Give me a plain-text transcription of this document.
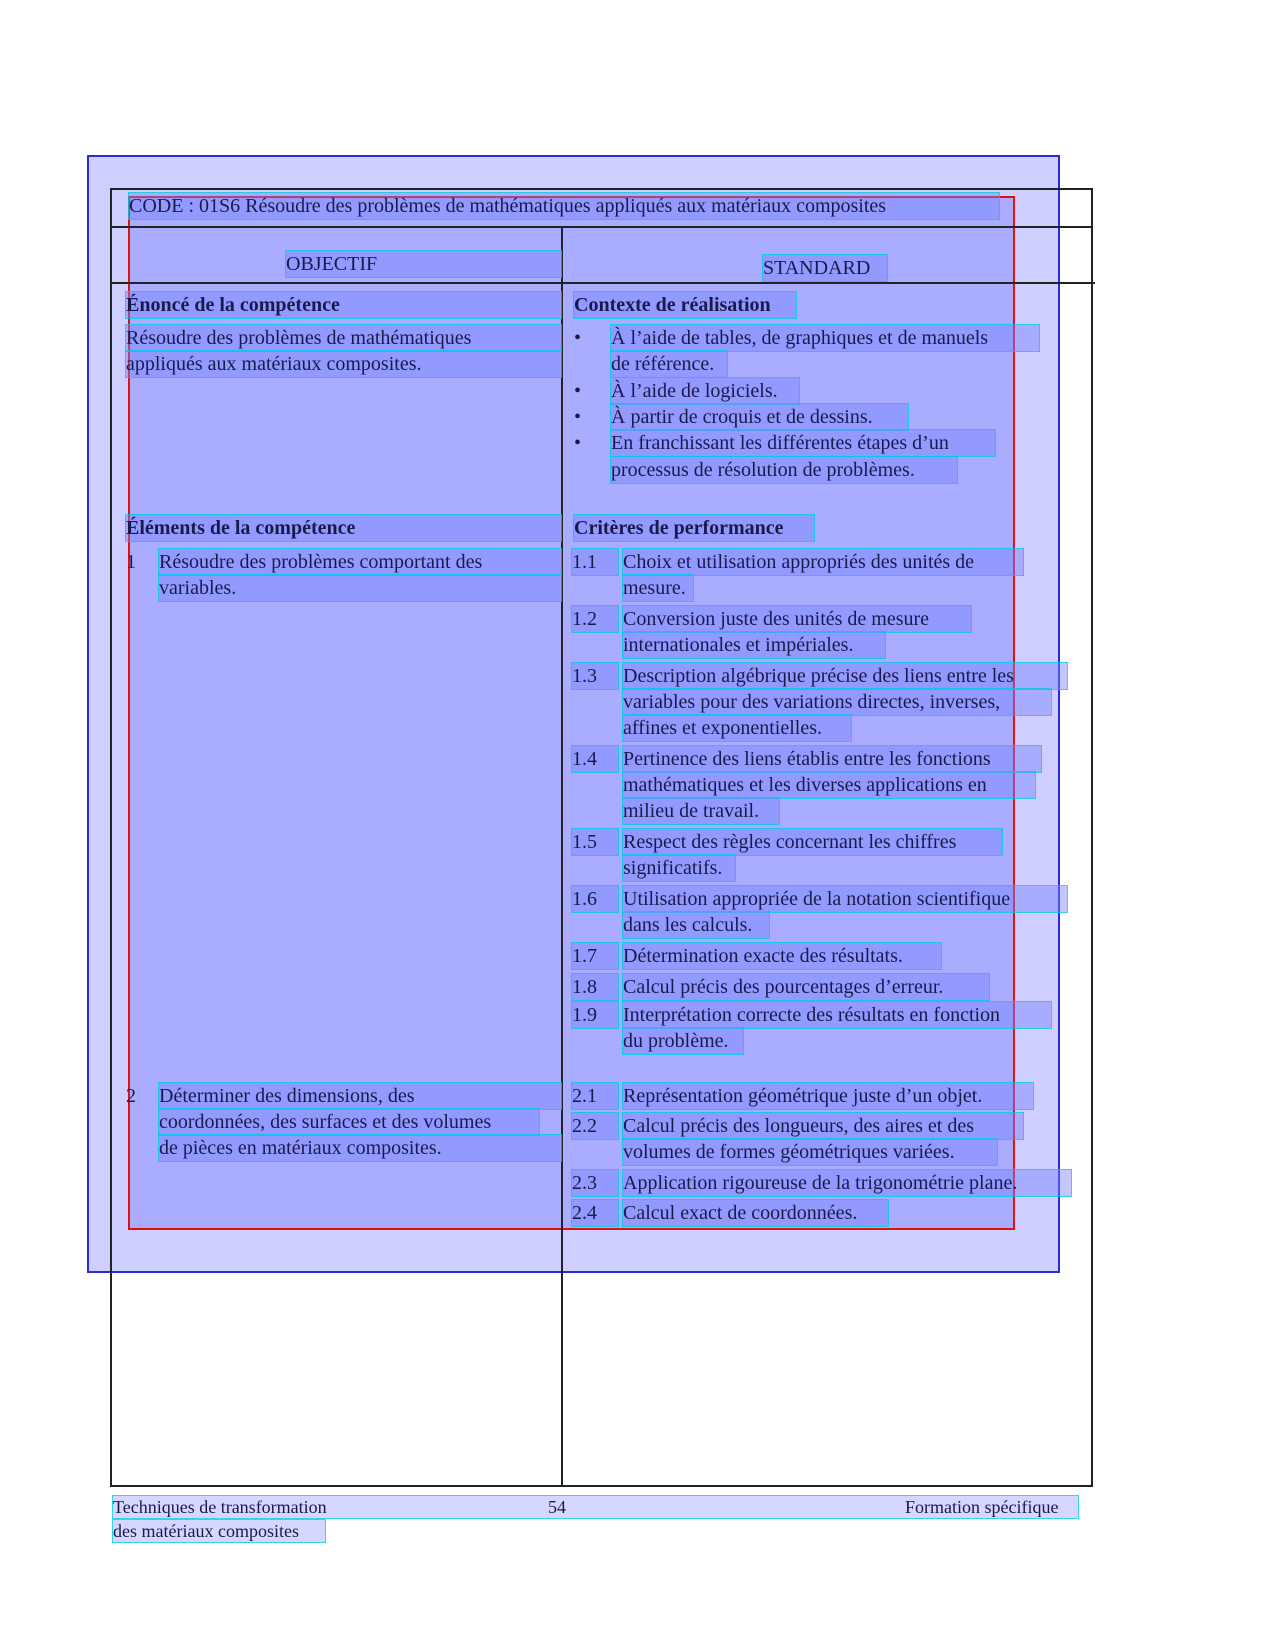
CODE : 01S6 Résoudre des problèmes de mathématiques appliqués aux matériaux composites
OBJECTIF	STANDARD
Énoncé de la compétence
Résoudre des problèmes de mathématiques
appliqués aux matériaux composites.
Contexte de réalisation
• À l’aide de tables, de graphiques et de manuels
de référence.
• À l’aide de logiciels.
• À partir de croquis et de dessins.
• En franchissant les différentes étapes d’un
processus de résolution de problèmes.
Éléments de la compétence
1 Résoudre des problèmes comportant des
variables.
2 Déterminer des dimensions, des
coordonnées, des surfaces et des volumes
de pièces en matériaux composites.
Critères de performance
1.1	Choix et utilisation appropriés des unités de
mesure.
1.2	Conversion juste des unités de mesure
internationales et impériales.
1.3	Description algébrique précise des liens entre les
variables pour des variations directes, inverses,
affines et exponentielles.
1.4	Pertinence des liens établis entre les fonctions
mathématiques et les diverses applications en
milieu de travail.
1.5	Respect des règles concernant les chiffres
significatifs.
1.6	Utilisation appropriée de la notation scientifique
dans les calculs.
1.7	Détermination exacte des résultats.
1.8	Calcul précis des pourcentages d’erreur.
1.9	Interprétation correcte des résultats en fonction
du problème.
2.1	Représentation géométrique juste d’un objet.
2.2	Calcul précis des longueurs, des aires et des
volumes de formes géométriques variées.
2.3	Application rigoureuse de la trigonométrie plane.
2.4	Calcul exact de coordonnées.
Techniques de transformation
des matériaux composites
54	Formation spécifique
